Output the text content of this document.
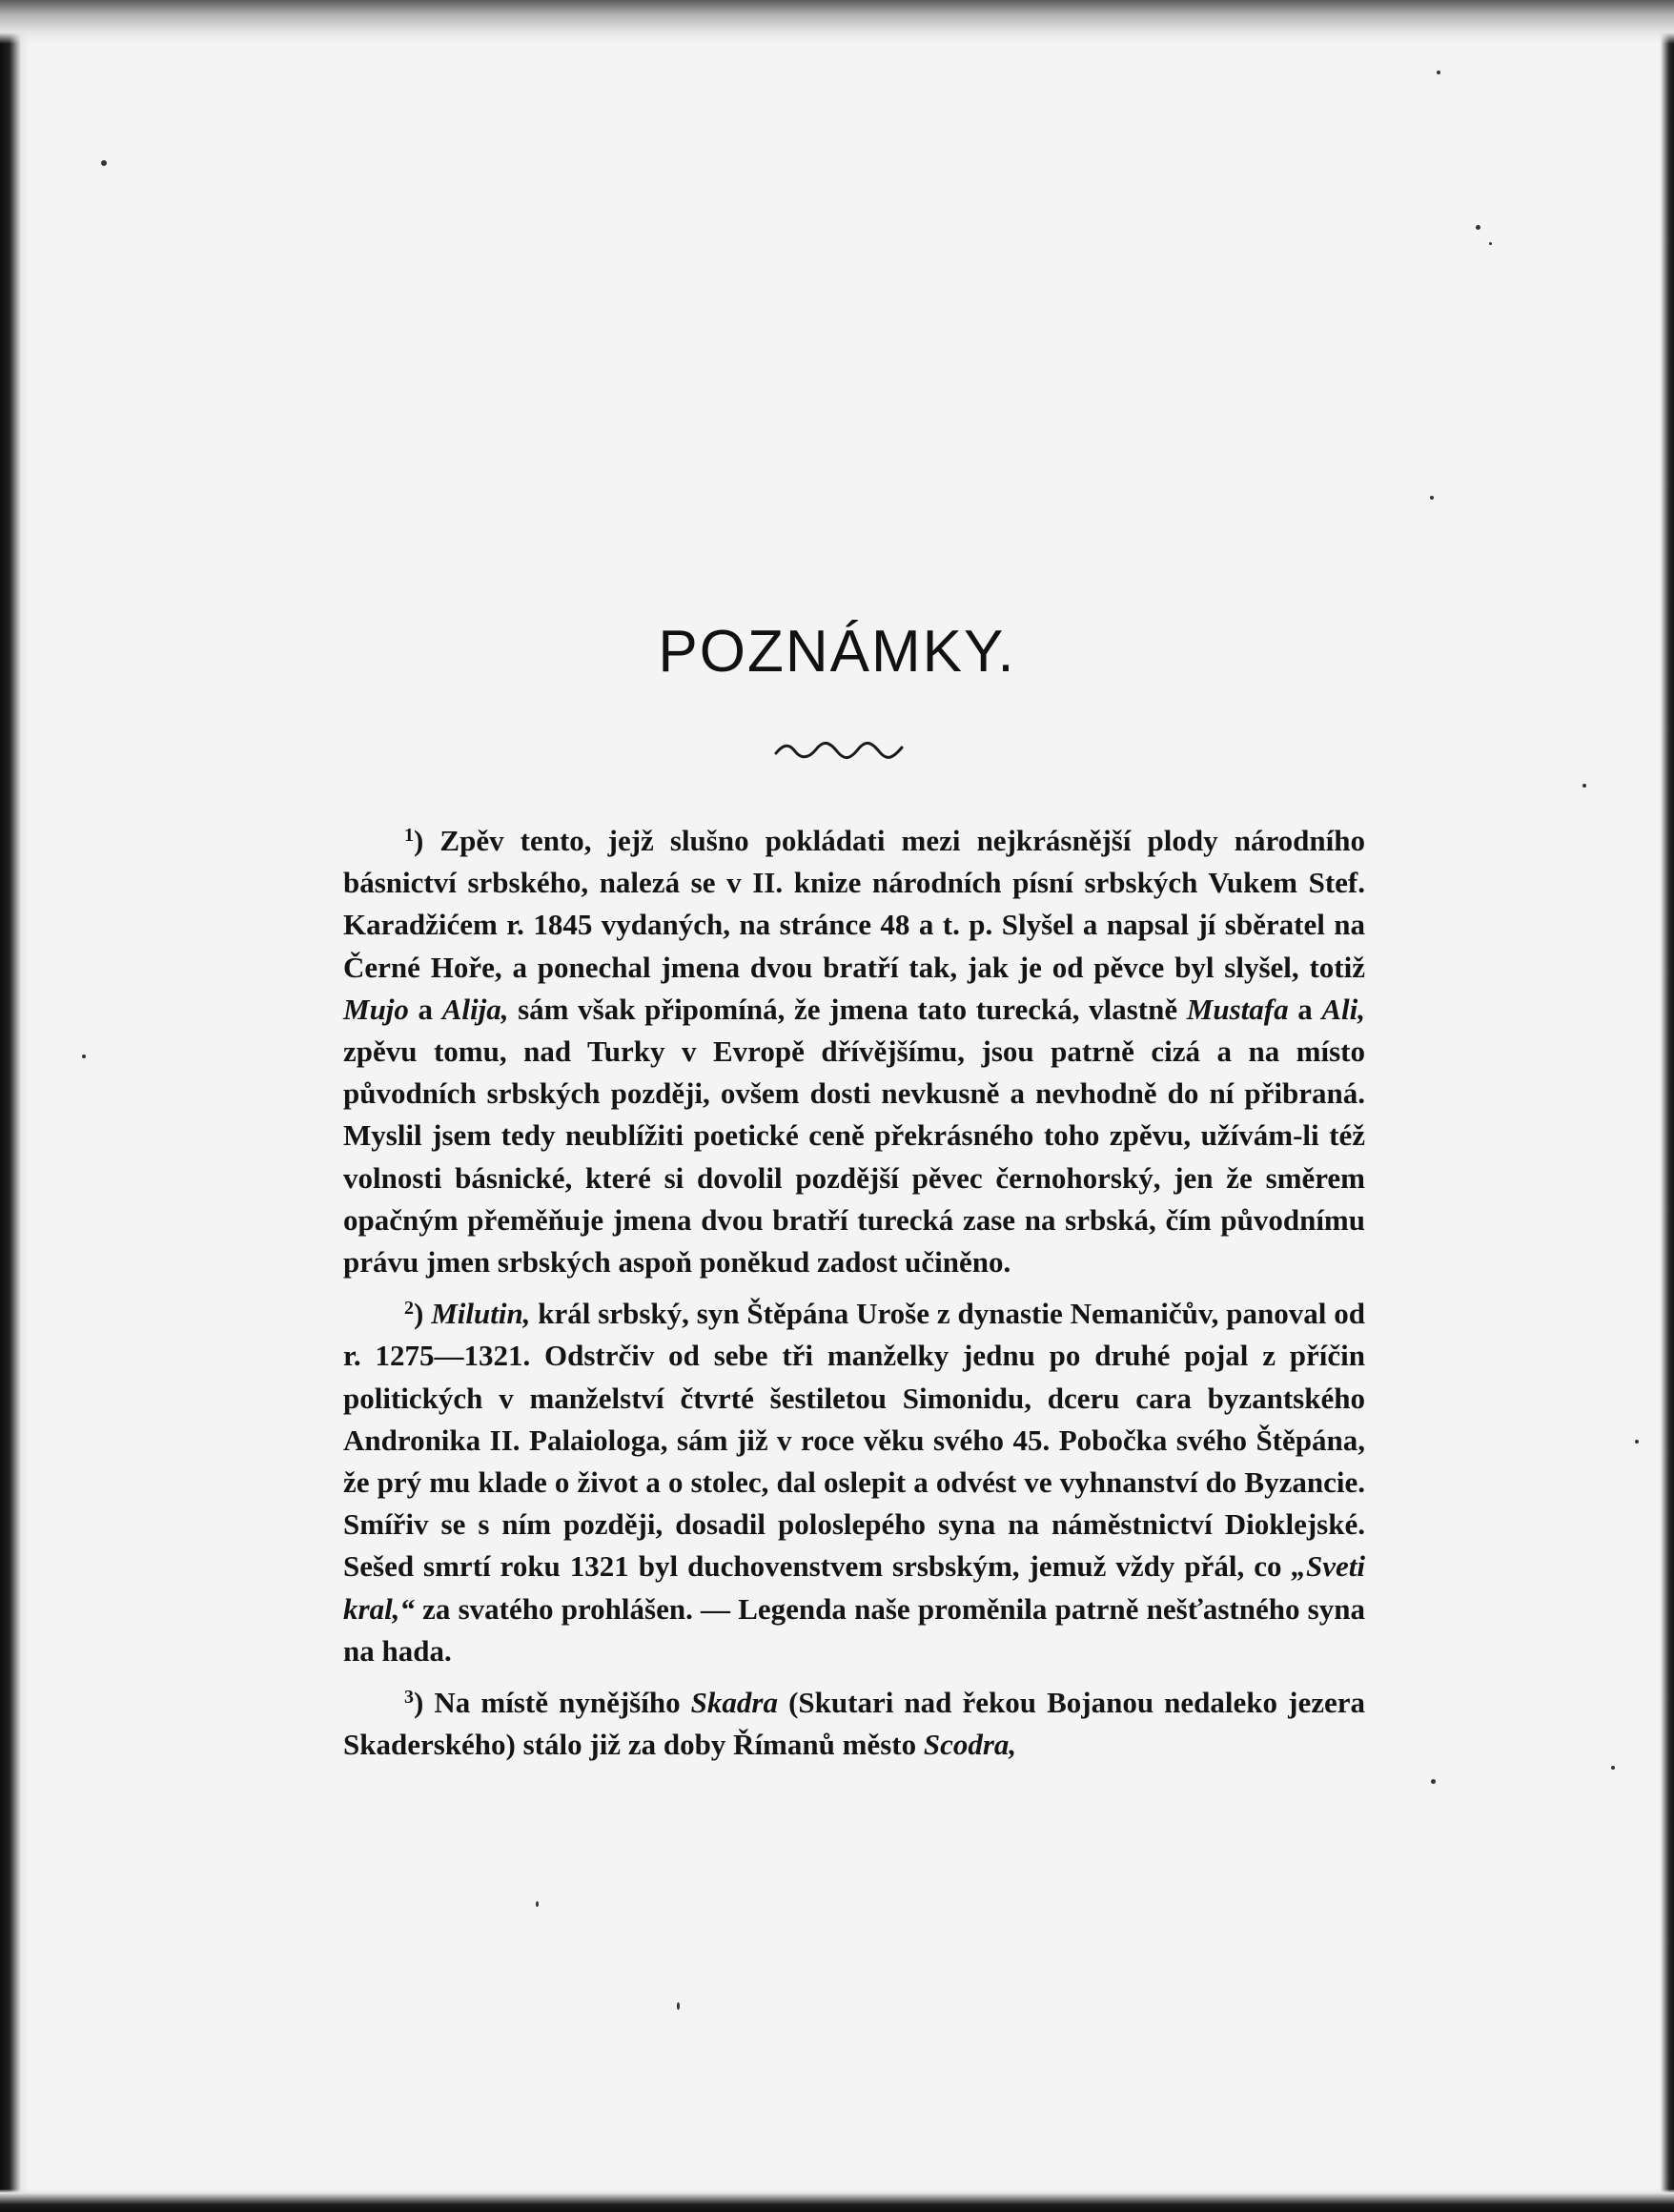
POZNÁMKY.

$^1$) Zpěv tento, jejž slušno pokládati mezi nejkrásnější plody národního básnictví srbského, nalezá se v II. knize národních písní srbských Vukem Stef. Karadžićem r. 1845 vydaných, na stránce 48 a t. p. Slyšel a napsal jí sběratel na Černé Hoře, a ponechal jmena dvou bratří tak, jak je od pěvce byl slyšel, totiž Mujo a Alija, sám však připomíná, že jmena tato turecká, vlastně Mustafa a Ali, zpěvu tomu, nad Turky v Evropě dřívějšímu, jsou patrně cizá a na místo původních srbských později, ovšem dosti nevkusně a nevhodně do ní přibraná. Myslil jsem tedy neublížiti poetické ceně překrásného toho zpěvu, užívám-li též volnosti básnické, které si dovolil pozdější pěvec černohorský, jen že směrem opačným přeměňuje jmena dvou bratří turecká zase na srbská, čím původnímu právu jmen srbských aspoň poněkud zadost učiněno.

$^2$) Milutin, král srbský, syn Štěpána Uroše z dynastie Nemaničův, panoval od r. 1275—1321. Odstrčiv od sebe tři manželky jednu po druhé pojal z příčin politických v manželství čtvrté šestiletou Simonidu, dceru cara byzantského Andronika II. Palaiologa, sám již v roce věku svého 45. Pobočka svého Štěpána, že prý mu klade o život a o stolec, dal oslepit a odvést ve vyhnanství do Byzancie. Smířiv se s ním později, dosadil poloslepého syna na náměstnictví Dioklejské. Sešed smrtí roku 1321 byl duchovenstvem srsbským, jemuž vždy přál, co „Sveti kral,“ za svatého prohlášen. — Legenda naše proměnila patrně nešťastného syna na hada.

$^3$) Na místě nynějšího Skadra (Skutari nad řekou Bojanou nedaleko jezera Skaderského) stálo již za doby Římanů město Scodra,
